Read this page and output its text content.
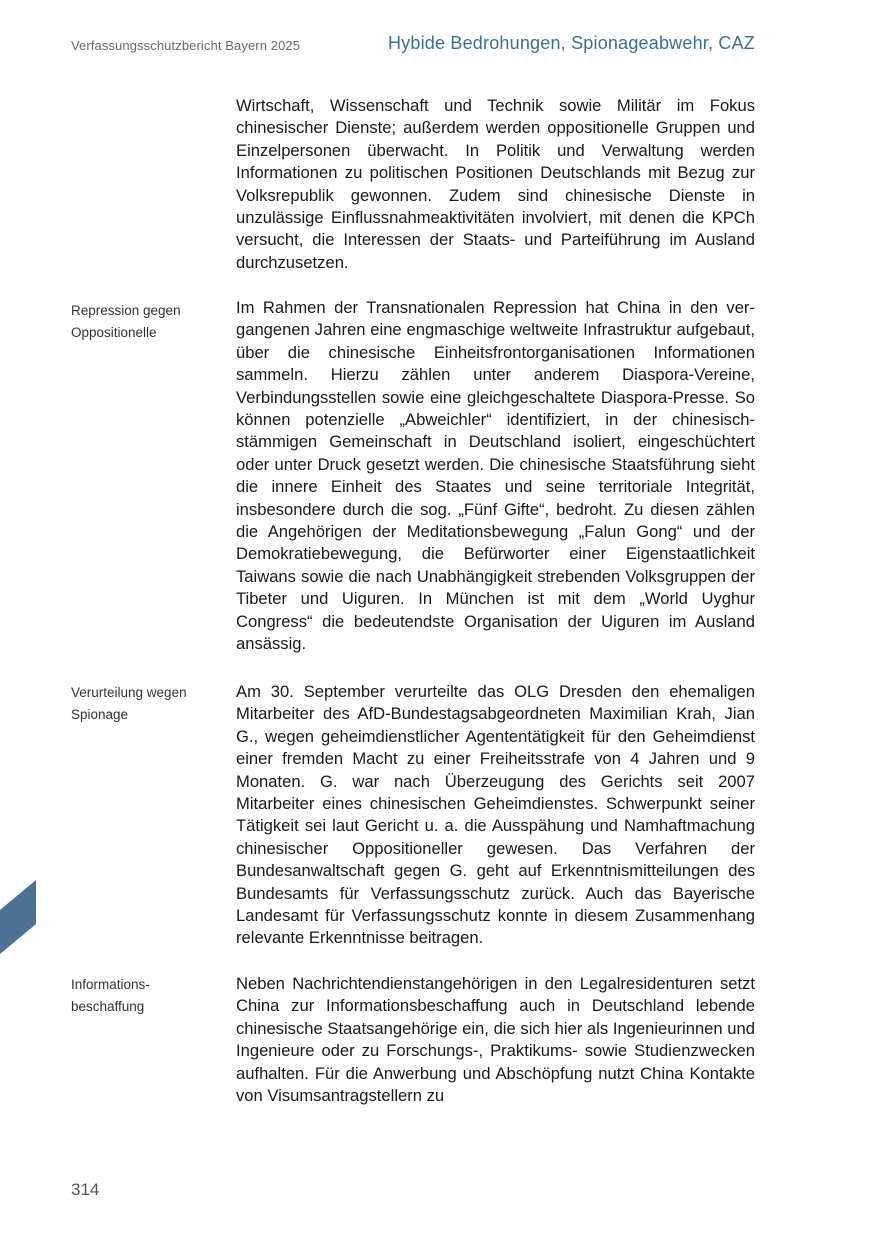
Verfassungsschutzbericht Bayern 2025	Hybide Bedrohungen, Spionageabwehr, CAZ

Wirtschaft, Wissenschaft und Technik sowie Militär im Fokus chinesischer Dienste; außerdem werden oppositionelle Gruppen und Einzelpersonen überwacht. In Politik und Verwaltung werden Informationen zu politischen Positionen Deutschlands mit Bezug zur Volksrepublik gewonnen. Zudem sind chinesische Dienste in unzulässige Einflussnahmeaktivitäten involviert, mit denen die KPCh versucht, die Interessen der Staats- und Parteiführung im Ausland durchzusetzen.

Repression gegen Oppositionelle

Im Rahmen der Transnationalen Repression hat China in den vergangenen Jahren eine engmaschige weltweite Infrastruktur aufgebaut, über die chinesische Einheitsfrontorganisationen Informationen sammeln. Hierzu zählen unter anderem Diaspora-Vereine, Verbindungsstellen sowie eine gleichgeschaltete Diaspora-Presse. So können potenzielle „Abweichler“ identifiziert, in der chinesischstämmigen Gemeinschaft in Deutschland isoliert, eingeschüchtert oder unter Druck gesetzt werden. Die chinesische Staatsführung sieht die innere Einheit des Staates und seine territoriale Integrität, insbesondere durch die sog. „Fünf Gifte“, bedroht. Zu diesen zählen die Angehörigen der Meditationsbewegung „Falun Gong“ und der Demokratiebewegung, die Befürworter einer Eigenstaatlichkeit Taiwans sowie die nach Unabhängigkeit strebenden Volksgruppen der Tibeter und Uiguren. In München ist mit dem „World Uyghur Congress“ die bedeutendste Organisation der Uiguren im Ausland ansässig.

Verurteilung wegen Spionage

Am 30. September verurteilte das OLG Dresden den ehemaligen Mitarbeiter des AfD-Bundestagsabgeordneten Maximilian Krah, Jian G., wegen geheimdienstlicher Agententätigkeit für den Geheimdienst einer fremden Macht zu einer Freiheitsstrafe von 4 Jahren und 9 Monaten. G. war nach Überzeugung des Gerichts seit 2007 Mitarbeiter eines chinesischen Geheimdienstes. Schwerpunkt seiner Tätigkeit sei laut Gericht u. a. die Ausspähung und Namhaftmachung chinesischer Oppositioneller gewesen. Das Verfahren der Bundesanwaltschaft gegen G. geht auf Erkenntnismitteilungen des Bundesamts für Verfassungsschutz zurück. Auch das Bayerische Landesamt für Verfassungsschutz konnte in diesem Zusammenhang relevante Erkenntnisse beitragen.

Informationsbeschaffung

Neben Nachrichtendienstangehörigen in den Legalresidenturen setzt China zur Informationsbeschaffung auch in Deutschland lebende chinesische Staatsangehörige ein, die sich hier als Ingenieurinnen und Ingenieure oder zu Forschungs-, Praktikums- sowie Studienzwecken aufhalten. Für die Anwerbung und Abschöpfung nutzt China Kontakte von Visumsantragstellern zu

314
